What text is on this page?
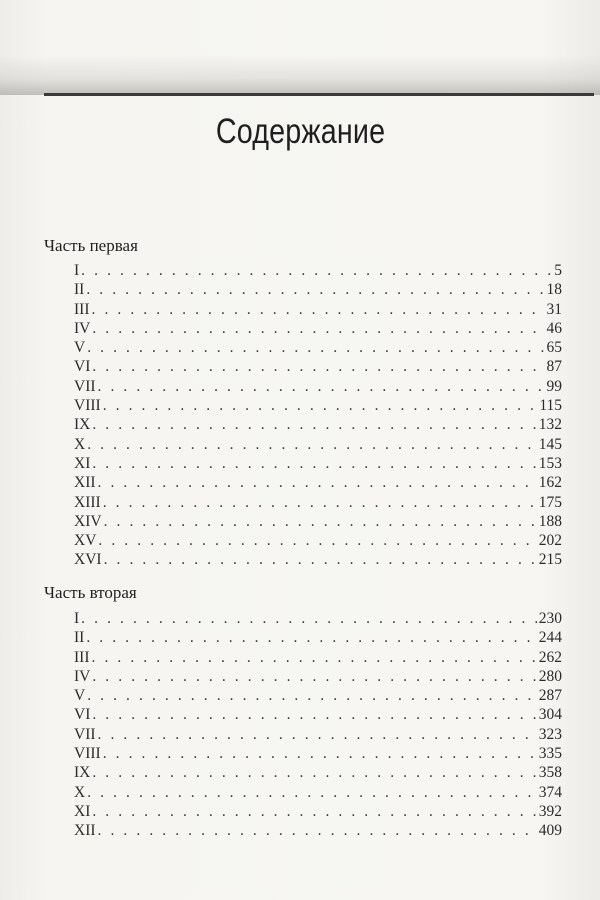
Содержание
Часть первая
I . . .	5
II . . .	18
III . . .	31
IV . . .	46
V . . .	65
VI . . .	87
VII . . .	99
VIII . . .	115
IX . . .	132
X . . .	145
XI . . .	153
XII . . .	162
XIII . . .	175
XIV . . .	188
XV . . .	202
XVI . . .	215
Часть вторая
I . . .	230
II . . .	244
III . . .	262
IV . . .	280
V . . .	287
VI . . .	304
VII . . .	323
VIII . . .	335
IX . . .	358
X . . .	374
XI . . .	392
XII . . .	409
